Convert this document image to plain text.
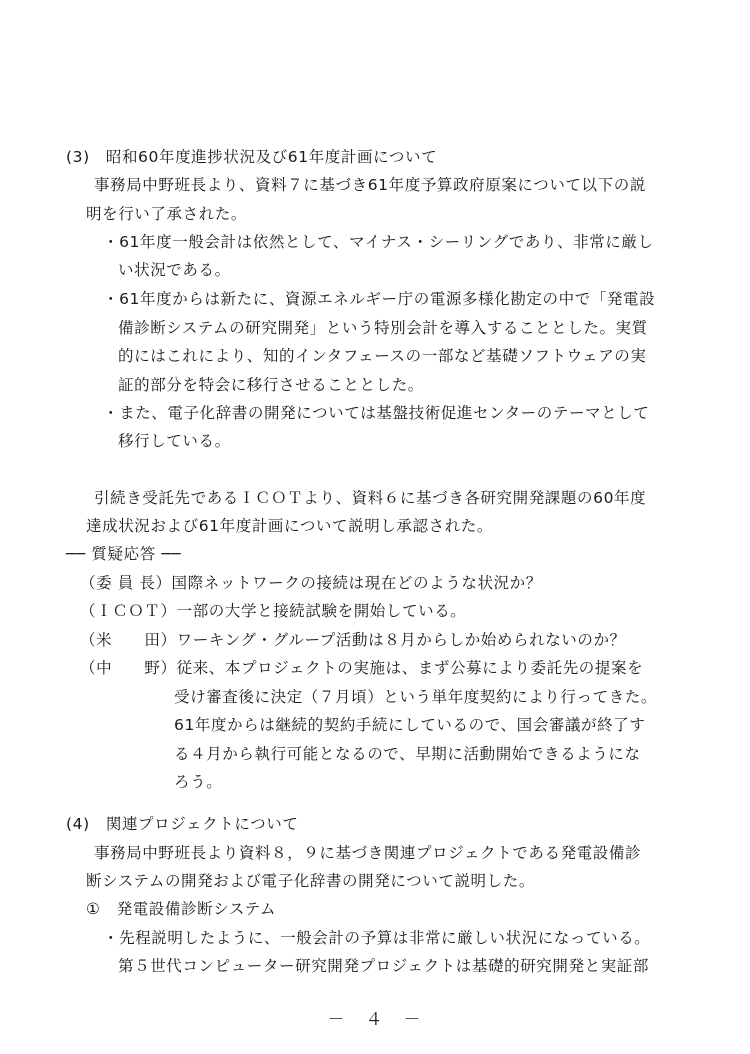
(3)　昭和60年度進捗状況及び61年度計画について
事務局中野班長より、資料７に基づき61年度予算政府原案について以下の説
明を行い了承された。
・61年度一般会計は依然として、マイナス・シーリングであり、非常に厳し
い状況である。
・61年度からは新たに、資源エネルギー庁の電源多様化勘定の中で「発電設
備診断システムの研究開発」という特別会計を導入することとした。実質
的にはこれにより、知的インタフェースの一部など基礎ソフトウェアの実
証的部分を特会に移行させることとした。
・また、電子化辞書の開発については基盤技術促進センターのテーマとして
移行している。
引続き受託先であるＩＣＯＴより、資料６に基づき各研究開発課題の60年度
達成状況および61年度計画について説明し承認された。
── 質疑応答 ──
（委 員 長）国際ネットワークの接続は現在どのような状況か？
（ＩＣＯＴ）一部の大学と接続試験を開始している。
（米　　田）ワーキング・グループ活動は８月からしか始められないのか？
（中　　野）従来、本プロジェクトの実施は、まず公募により委託先の提案を
受け審査後に決定（７月頃）という単年度契約により行ってきた。
61年度からは継続的契約手続にしているので、国会審議が終了す
る４月から執行可能となるので、早期に活動開始できるようにな
ろう。
(4)　関連プロジェクトについて
事務局中野班長より資料８，９に基づき関連プロジェクトである発電設備診
断システムの開発および電子化辞書の開発について説明した。
①　発電設備診断システム
・先程説明したように、一般会計の予算は非常に厳しい状況になっている。
第５世代コンピューター研究開発プロジェクトは基礎的研究開発と実証部
－　４　－
